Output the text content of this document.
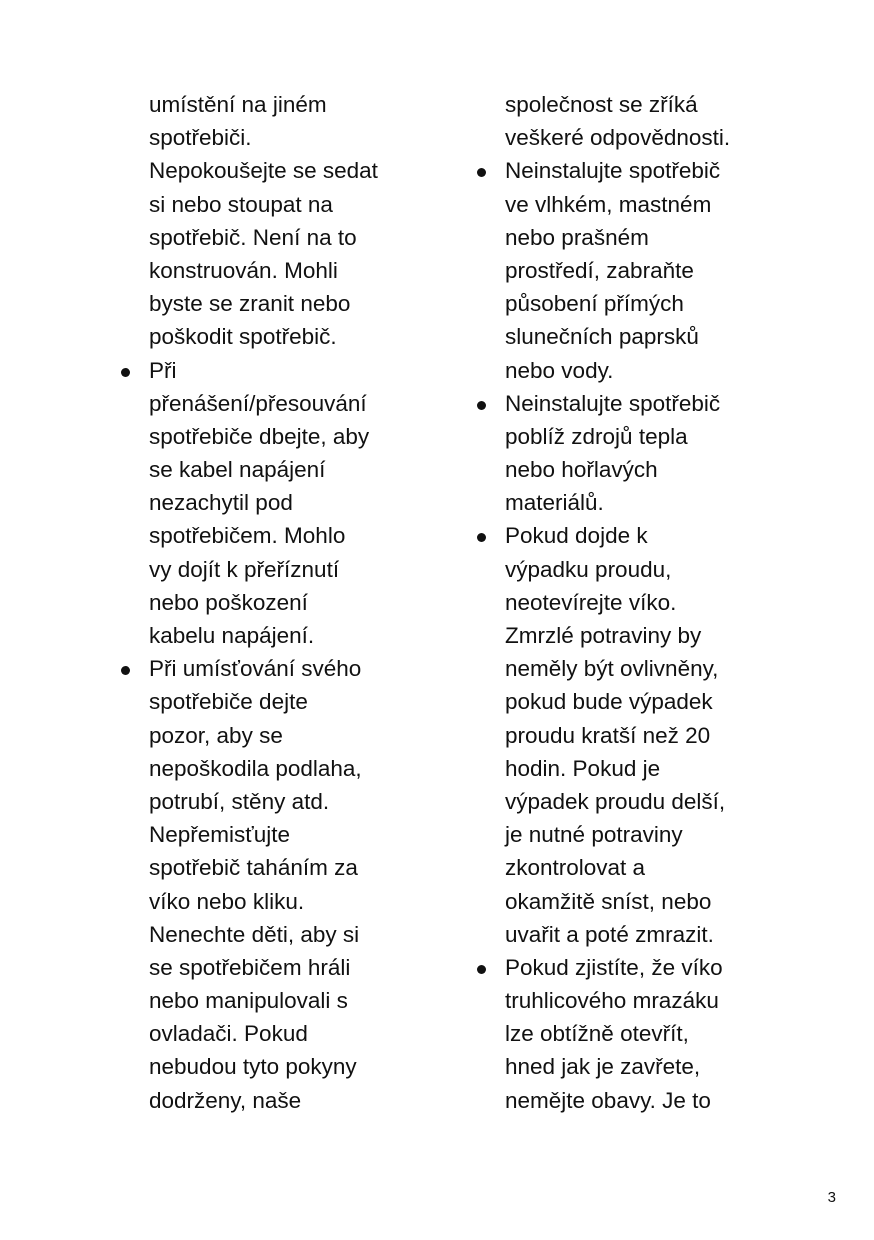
umístění na jiném
spotřebiči.
Nepokoušejte se sedat
si nebo stoupat na
spotřebič. Není na to
konstruován. Mohli
byste se zranit nebo
poškodit spotřebič.
Při
přenášení/přesouvání
spotřebiče dbejte, aby
se kabel napájení
nezachytil pod
spotřebičem. Mohlo
vy dojít k přeříznutí
nebo poškození
kabelu napájení.
Při umísťování svého
spotřebiče dejte
pozor, aby se
nepoškodila podlaha,
potrubí, stěny atd.
Nepřemisťujte
spotřebič taháním za
víko nebo kliku.
Nenechte děti, aby si
se spotřebičem hráli
nebo manipulovali s
ovladači. Pokud
nebudou tyto pokyny
dodrženy, naše
společnost se zříká
veškeré odpovědnosti.
Neinstalujte spotřebič
ve vlhkém, mastném
nebo prašném
prostředí, zabraňte
působení přímých
slunečních paprsků
nebo vody.
Neinstalujte spotřebič
poblíž zdrojů tepla
nebo hořlavých
materiálů.
Pokud dojde k
výpadku proudu,
neotevírejte víko.
Zmrzlé potraviny by
neměly být ovlivněny,
pokud bude výpadek
proudu kratší než 20
hodin. Pokud je
výpadek proudu delší,
je nutné potraviny
zkontrolovat a
okamžitě sníst, nebo
uvařit a poté zmrazit.
Pokud zjistíte, že víko
truhlicového mrazáku
lze obtížně otevřít,
hned jak je zavřete,
nemějte obavy. Je to
3
